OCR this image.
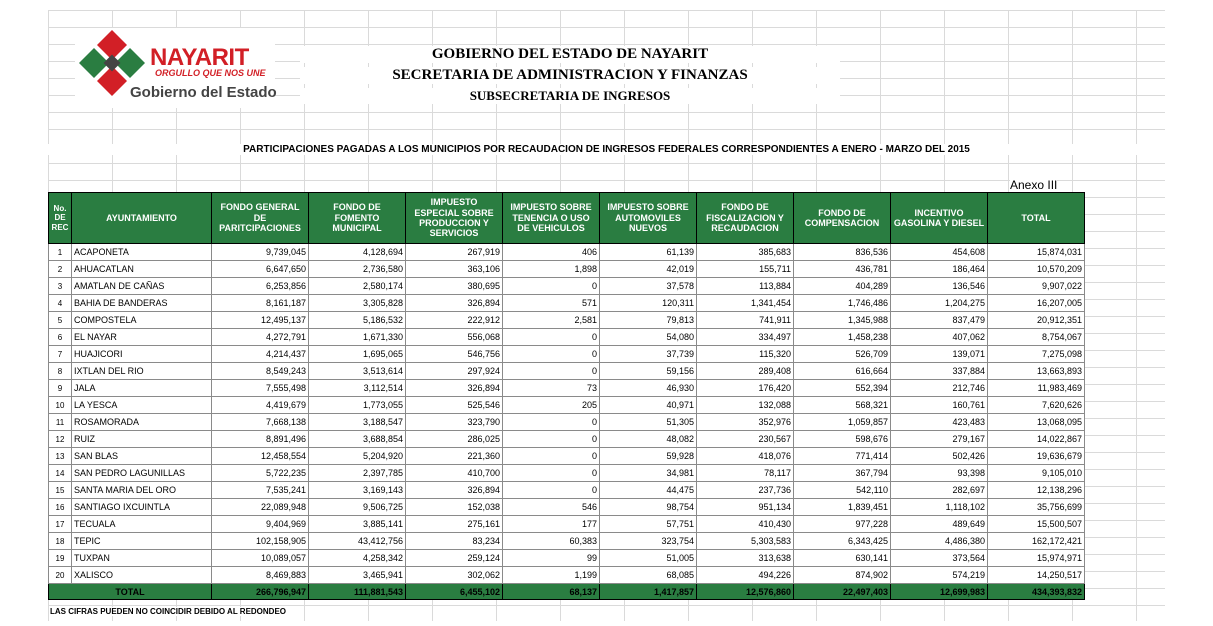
NAYARIT
ORGULLO QUE NOS UNE
Gobierno del Estado
GOBIERNO DEL ESTADO DE NAYARIT
SECRETARIA DE ADMINISTRACION Y FINANZAS
SUBSECRETARIA DE INGRESOS
PARTICIPACIONES PAGADAS A LOS MUNICIPIOS POR RECAUDACION DE INGRESOS FEDERALES CORRESPONDIENTES A ENERO - MARZO DEL 2015
Anexo III
No. DE REC	AYUNTAMIENTO	FONDO GENERAL DE PARITCIPACIONES	FONDO DE FOMENTO MUNICIPAL	IMPUESTO ESPECIAL SOBRE PRODUCCION Y SERVICIOS	IMPUESTO SOBRE TENENCIA O USO DE VEHICULOS	IMPUESTO SOBRE AUTOMOVILES NUEVOS	FONDO DE FISCALIZACION Y RECAUDACION	FONDO DE COMPENSACION	INCENTIVO GASOLINA Y DIESEL	TOTAL
1	ACAPONETA	9,739,045	4,128,694	267,919	406	61,139	385,683	836,536	454,608	15,874,031
2	AHUACATLAN	6,647,650	2,736,580	363,106	1,898	42,019	155,711	436,781	186,464	10,570,209
3	AMATLAN DE CAÑAS	6,253,856	2,580,174	380,695	0	37,578	113,884	404,289	136,546	9,907,022
4	BAHIA DE BANDERAS	8,161,187	3,305,828	326,894	571	120,311	1,341,454	1,746,486	1,204,275	16,207,005
5	COMPOSTELA	12,495,137	5,186,532	222,912	2,581	79,813	741,911	1,345,988	837,479	20,912,351
6	EL NAYAR	4,272,791	1,671,330	556,068	0	54,080	334,497	1,458,238	407,062	8,754,067
7	HUAJICORI	4,214,437	1,695,065	546,756	0	37,739	115,320	526,709	139,071	7,275,098
8	IXTLAN DEL RIO	8,549,243	3,513,614	297,924	0	59,156	289,408	616,664	337,884	13,663,893
9	JALA	7,555,498	3,112,514	326,894	73	46,930	176,420	552,394	212,746	11,983,469
10	LA YESCA	4,419,679	1,773,055	525,546	205	40,971	132,088	568,321	160,761	7,620,626
11	ROSAMORADA	7,668,138	3,188,547	323,790	0	51,305	352,976	1,059,857	423,483	13,068,095
12	RUIZ	8,891,496	3,688,854	286,025	0	48,082	230,567	598,676	279,167	14,022,867
13	SAN BLAS	12,458,554	5,204,920	221,360	0	59,928	418,076	771,414	502,426	19,636,679
14	SAN PEDRO LAGUNILLAS	5,722,235	2,397,785	410,700	0	34,981	78,117	367,794	93,398	9,105,010
15	SANTA MARIA DEL ORO	7,535,241	3,169,143	326,894	0	44,475	237,736	542,110	282,697	12,138,296
16	SANTIAGO IXCUINTLA	22,089,948	9,506,725	152,038	546	98,754	951,134	1,839,451	1,118,102	35,756,699
17	TECUALA	9,404,969	3,885,141	275,161	177	57,751	410,430	977,228	489,649	15,500,507
18	TEPIC	102,158,905	43,412,756	83,234	60,383	323,754	5,303,583	6,343,425	4,486,380	162,172,421
19	TUXPAN	10,089,057	4,258,342	259,124	99	51,005	313,638	630,141	373,564	15,974,971
20	XALISCO	8,469,883	3,465,941	302,062	1,199	68,085	494,226	874,902	574,219	14,250,517
TOTAL		266,796,947	111,881,543	6,455,102	68,137	1,417,857	12,576,860	22,497,403	12,699,983	434,393,832
LAS CIFRAS PUEDEN NO COINCIDIR DEBIDO AL REDONDEO
